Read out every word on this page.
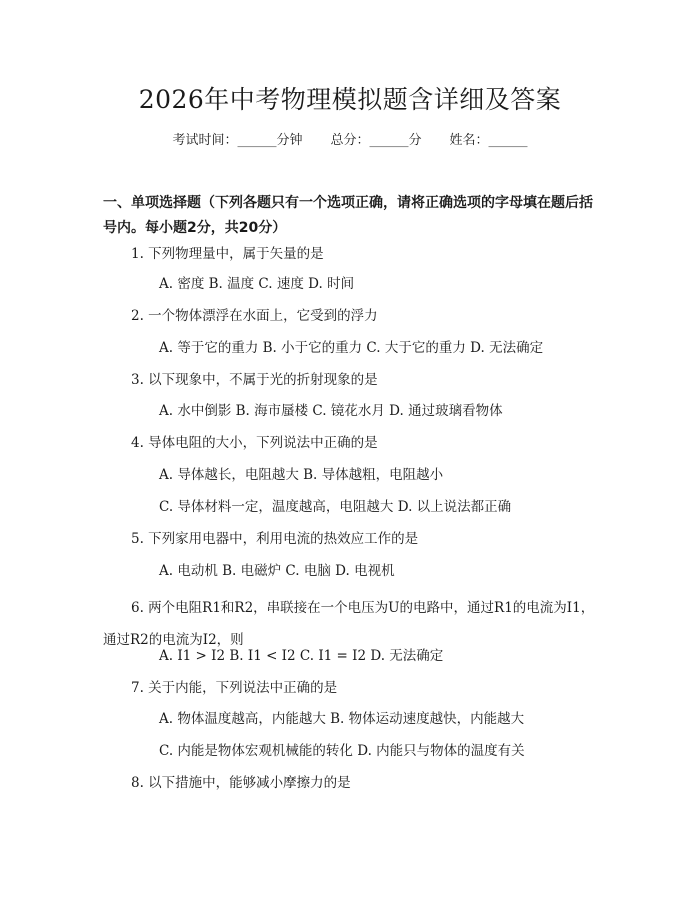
2026年中考物理模拟题含详细及答案
考试时间：______分钟 总分：______分 姓名：______
一、单项选择题（下列各题只有一个选项正确，请将正确选项的字母填在题后括号内。每小题2分，共20分）
1. 下列物理量中，属于矢量的是
A. 密度 B. 温度 C. 速度 D. 时间
2. 一个物体漂浮在水面上，它受到的浮力
A. 等于它的重力 B. 小于它的重力 C. 大于它的重力 D. 无法确定
3. 以下现象中，不属于光的折射现象的是
A. 水中倒影 B. 海市蜃楼 C. 镜花水月 D. 通过玻璃看物体
4. 导体电阻的大小，下列说法中正确的是
A. 导体越长，电阻越大 B. 导体越粗，电阻越小
C. 导体材料一定，温度越高，电阻越大 D. 以上说法都正确
5. 下列家用电器中，利用电流的热效应工作的是
A. 电动机 B. 电磁炉 C. 电脑 D. 电视机
6. 两个电阻R1和R2，串联接在一个电压为U的电路中，通过R1的电流为I1，通过R2的电流为I2，则
A. I1 > I2 B. I1 < I2 C. I1 = I2 D. 无法确定
7. 关于内能，下列说法中正确的是
A. 物体温度越高，内能越大 B. 物体运动速度越快，内能越大
C. 内能是物体宏观机械能的转化 D. 内能只与物体的温度有关
8. 以下措施中，能够减小摩擦力的是
